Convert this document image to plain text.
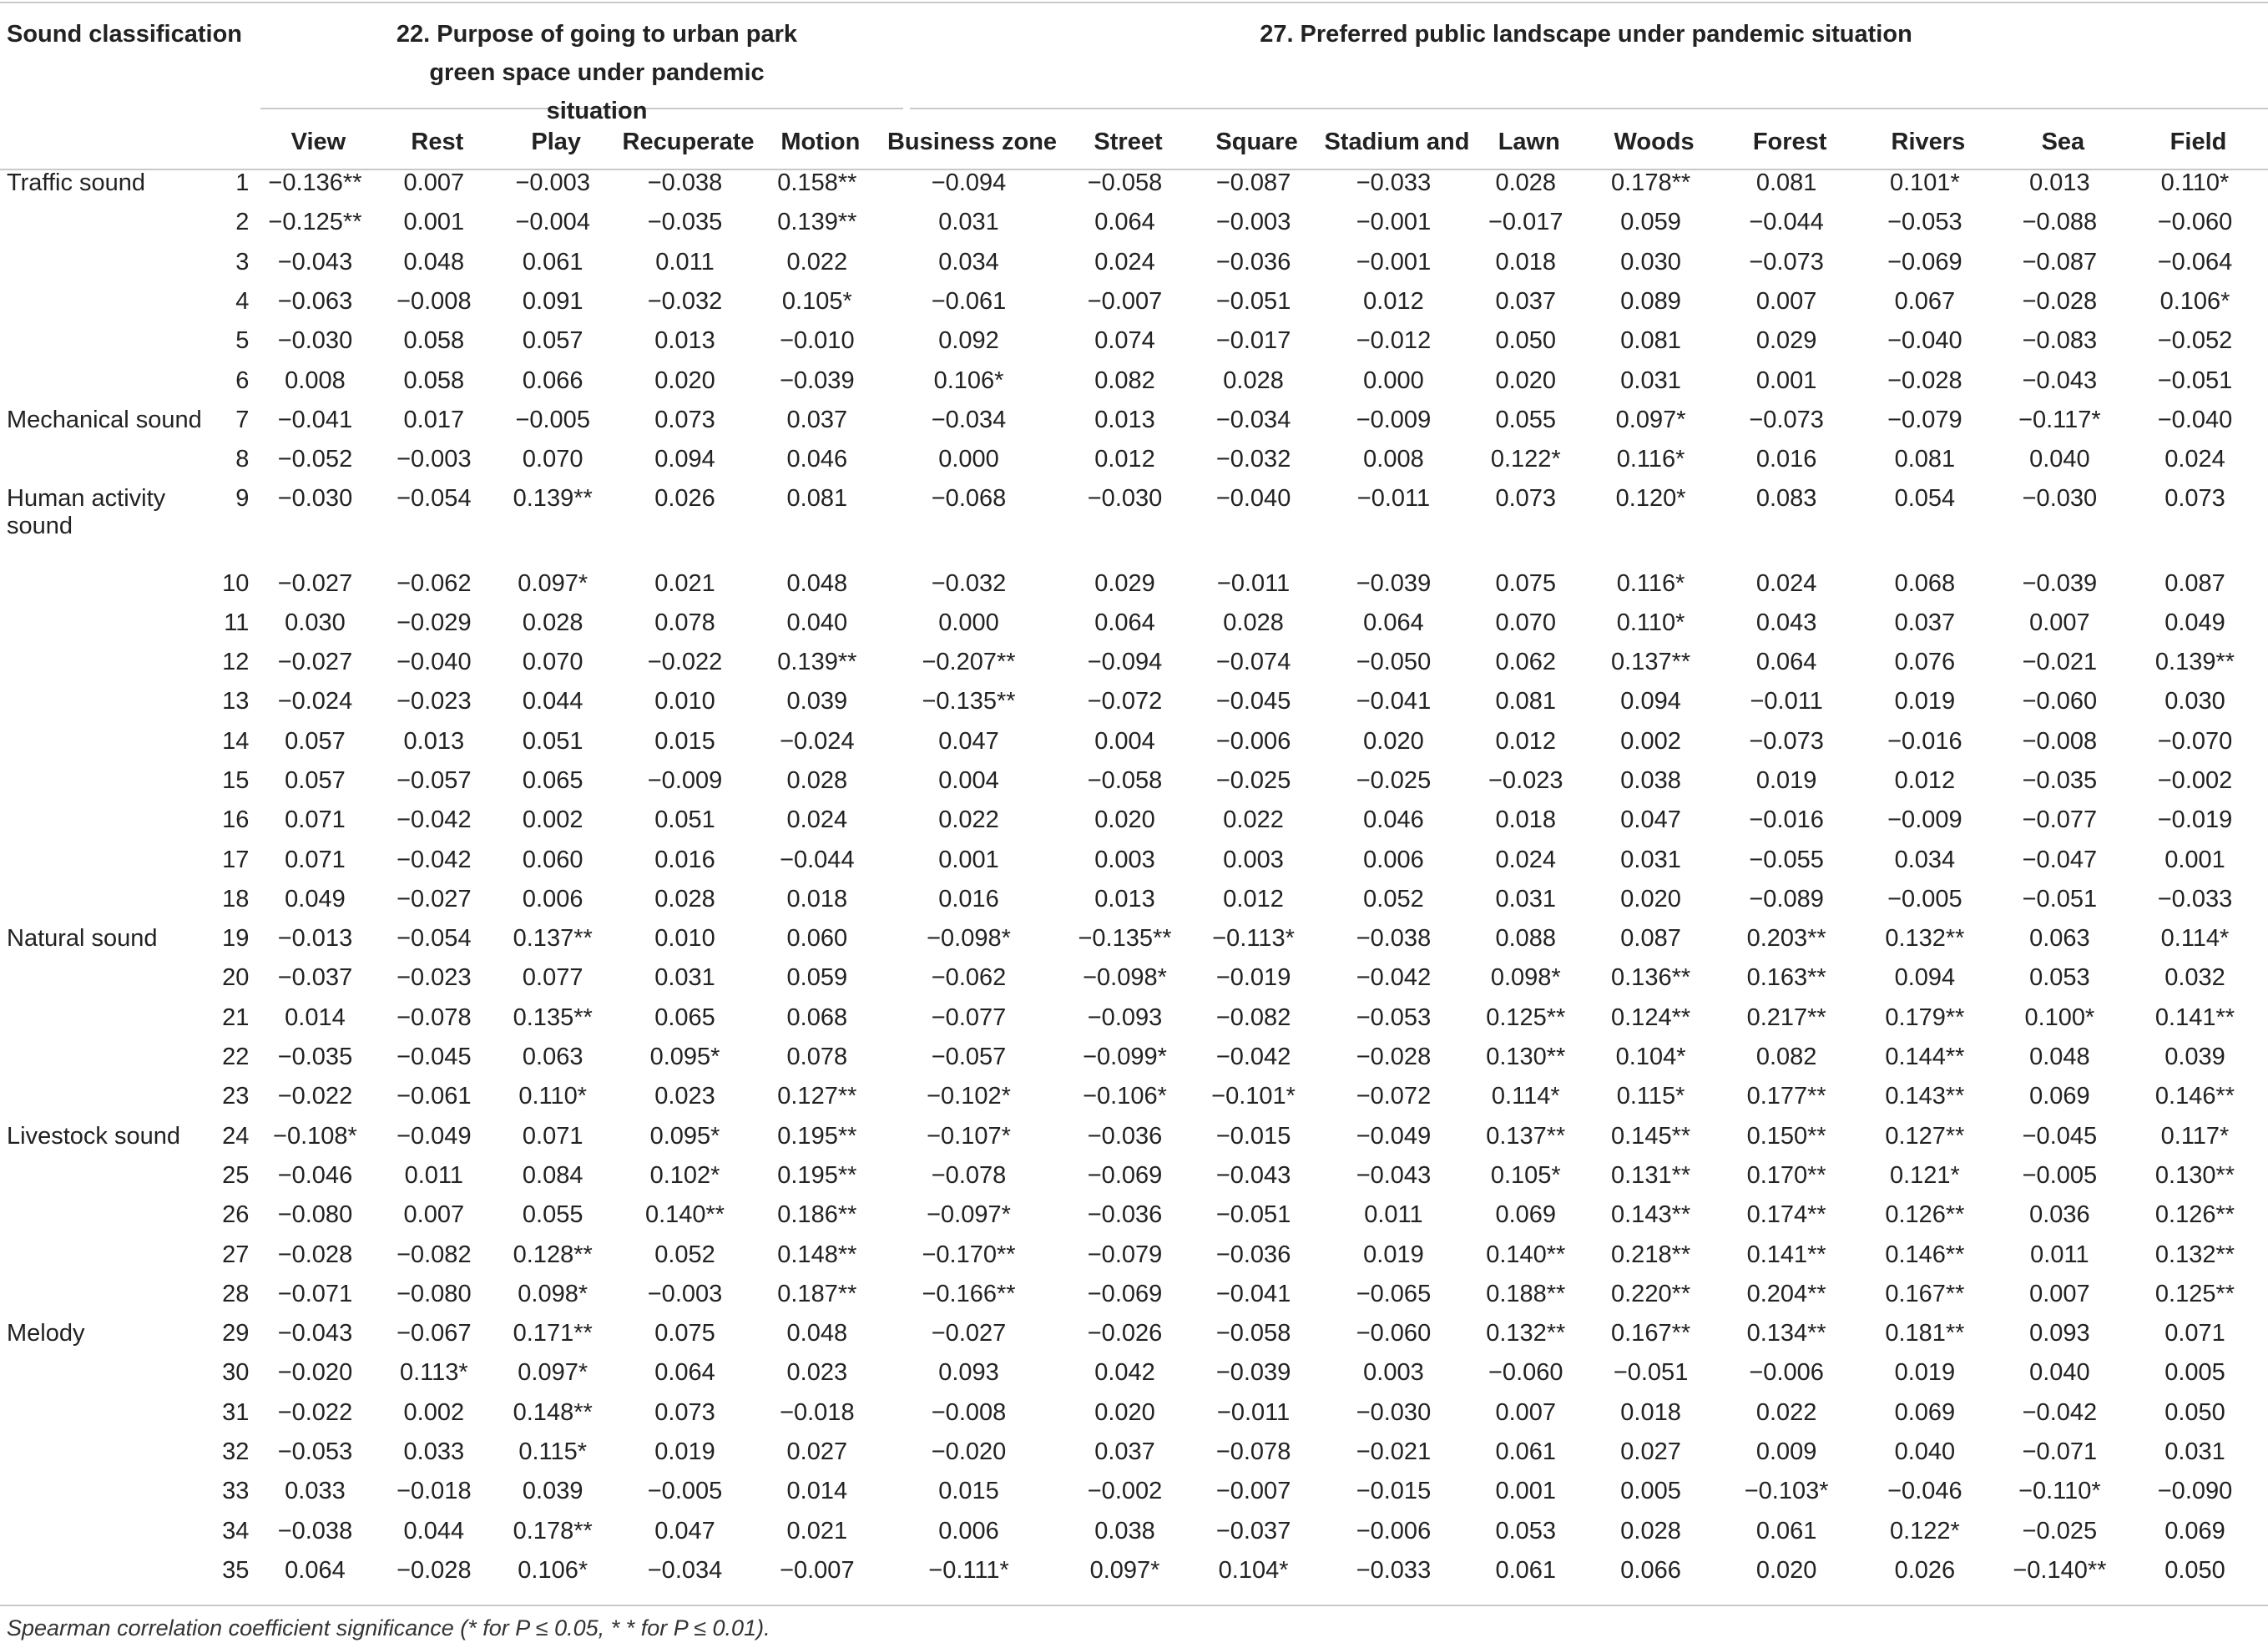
Sound classification	22. Purpose of going to urban park green space under pandemic situation
27. Preferred public landscape under pandemic situation
		View	Rest	Play	Recuperate	Motion	Business zone	Street	Square	Stadium and	Lawn	Woods	Forest	Rivers	Sea	Field
Traffic sound	1	−0.136**	0.007	−0.003	−0.038	0.158**	−0.094	−0.058	−0.087	−0.033	0.028	0.178**	0.081	0.101*	0.013	0.110*
	2	−0.125**	0.001	−0.004	−0.035	0.139**	0.031	0.064	−0.003	−0.001	−0.017	0.059	−0.044	−0.053	−0.088	−0.060
	3	−0.043	0.048	0.061	0.011	0.022	0.034	0.024	−0.036	−0.001	0.018	0.030	−0.073	−0.069	−0.087	−0.064
	4	−0.063	−0.008	0.091	−0.032	0.105*	−0.061	−0.007	−0.051	0.012	0.037	0.089	0.007	0.067	−0.028	0.106*
	5	−0.030	0.058	0.057	0.013	−0.010	0.092	0.074	−0.017	−0.012	0.050	0.081	0.029	−0.040	−0.083	−0.052
	6	0.008	0.058	0.066	0.020	−0.039	0.106*	0.082	0.028	0.000	0.020	0.031	0.001	−0.028	−0.043	−0.051
Mechanical sound	7	−0.041	0.017	−0.005	0.073	0.037	−0.034	0.013	−0.034	−0.009	0.055	0.097*	−0.073	−0.079	−0.117*	−0.040
	8	−0.052	−0.003	0.070	0.094	0.046	0.000	0.012	−0.032	0.008	0.122*	0.116*	0.016	0.081	0.040	0.024
Human activity sound	9	−0.030	−0.054	0.139**	0.026	0.081	−0.068	−0.030	−0.040	−0.011	0.073	0.120*	0.083	0.054	−0.030	0.073
	10	−0.027	−0.062	0.097*	0.021	0.048	−0.032	0.029	−0.011	−0.039	0.075	0.116*	0.024	0.068	−0.039	0.087
	11	0.030	−0.029	0.028	0.078	0.040	0.000	0.064	0.028	0.064	0.070	0.110*	0.043	0.037	0.007	0.049
	12	−0.027	−0.040	0.070	−0.022	0.139**	−0.207**	−0.094	−0.074	−0.050	0.062	0.137**	0.064	0.076	−0.021	0.139**
	13	−0.024	−0.023	0.044	0.010	0.039	−0.135**	−0.072	−0.045	−0.041	0.081	0.094	−0.011	0.019	−0.060	0.030
	14	0.057	0.013	0.051	0.015	−0.024	0.047	0.004	−0.006	0.020	0.012	0.002	−0.073	−0.016	−0.008	−0.070
	15	0.057	−0.057	0.065	−0.009	0.028	0.004	−0.058	−0.025	−0.025	−0.023	0.038	0.019	0.012	−0.035	−0.002
	16	0.071	−0.042	0.002	0.051	0.024	0.022	0.020	0.022	0.046	0.018	0.047	−0.016	−0.009	−0.077	−0.019
	17	0.071	−0.042	0.060	0.016	−0.044	0.001	0.003	0.003	0.006	0.024	0.031	−0.055	0.034	−0.047	0.001
	18	0.049	−0.027	0.006	0.028	0.018	0.016	0.013	0.012	0.052	0.031	0.020	−0.089	−0.005	−0.051	−0.033
Natural sound	19	−0.013	−0.054	0.137**	0.010	0.060	−0.098*	−0.135**	−0.113*	−0.038	0.088	0.087	0.203**	0.132**	0.063	0.114*
	20	−0.037	−0.023	0.077	0.031	0.059	−0.062	−0.098*	−0.019	−0.042	0.098*	0.136**	0.163**	0.094	0.053	0.032
	21	0.014	−0.078	0.135**	0.065	0.068	−0.077	−0.093	−0.082	−0.053	0.125**	0.124**	0.217**	0.179**	0.100*	0.141**
	22	−0.035	−0.045	0.063	0.095*	0.078	−0.057	−0.099*	−0.042	−0.028	0.130**	0.104*	0.082	0.144**	0.048	0.039
	23	−0.022	−0.061	0.110*	0.023	0.127**	−0.102*	−0.106*	−0.101*	−0.072	0.114*	0.115*	0.177**	0.143**	0.069	0.146**
Livestock sound	24	−0.108*	−0.049	0.071	0.095*	0.195**	−0.107*	−0.036	−0.015	−0.049	0.137**	0.145**	0.150**	0.127**	−0.045	0.117*
	25	−0.046	0.011	0.084	0.102*	0.195**	−0.078	−0.069	−0.043	−0.043	0.105*	0.131**	0.170**	0.121*	−0.005	0.130**
	26	−0.080	0.007	0.055	0.140**	0.186**	−0.097*	−0.036	−0.051	0.011	0.069	0.143**	0.174**	0.126**	0.036	0.126**
	27	−0.028	−0.082	0.128**	0.052	0.148**	−0.170**	−0.079	−0.036	0.019	0.140**	0.218**	0.141**	0.146**	0.011	0.132**
	28	−0.071	−0.080	0.098*	−0.003	0.187**	−0.166**	−0.069	−0.041	−0.065	0.188**	0.220**	0.204**	0.167**	0.007	0.125**
Melody	29	−0.043	−0.067	0.171**	0.075	0.048	−0.027	−0.026	−0.058	−0.060	0.132**	0.167**	0.134**	0.181**	0.093	0.071
	30	−0.020	0.113*	0.097*	0.064	0.023	0.093	0.042	−0.039	0.003	−0.060	−0.051	−0.006	0.019	0.040	0.005
	31	−0.022	0.002	0.148**	0.073	−0.018	−0.008	0.020	−0.011	−0.030	0.007	0.018	0.022	0.069	−0.042	0.050
	32	−0.053	0.033	0.115*	0.019	0.027	−0.020	0.037	−0.078	−0.021	0.061	0.027	0.009	0.040	−0.071	0.031
	33	0.033	−0.018	0.039	−0.005	0.014	0.015	−0.002	−0.007	−0.015	0.001	0.005	−0.103*	−0.046	−0.110*	−0.090
	34	−0.038	0.044	0.178**	0.047	0.021	0.006	0.038	−0.037	−0.006	0.053	0.028	0.061	0.122*	−0.025	0.069
	35	0.064	−0.028	0.106*	−0.034	−0.007	−0.111*	0.097*	0.104*	−0.033	0.061	0.066	0.020	0.026	−0.140**	0.050
Spearman correlation coefficient significance (* for P ≤ 0.05, * * for P ≤ 0.01).
